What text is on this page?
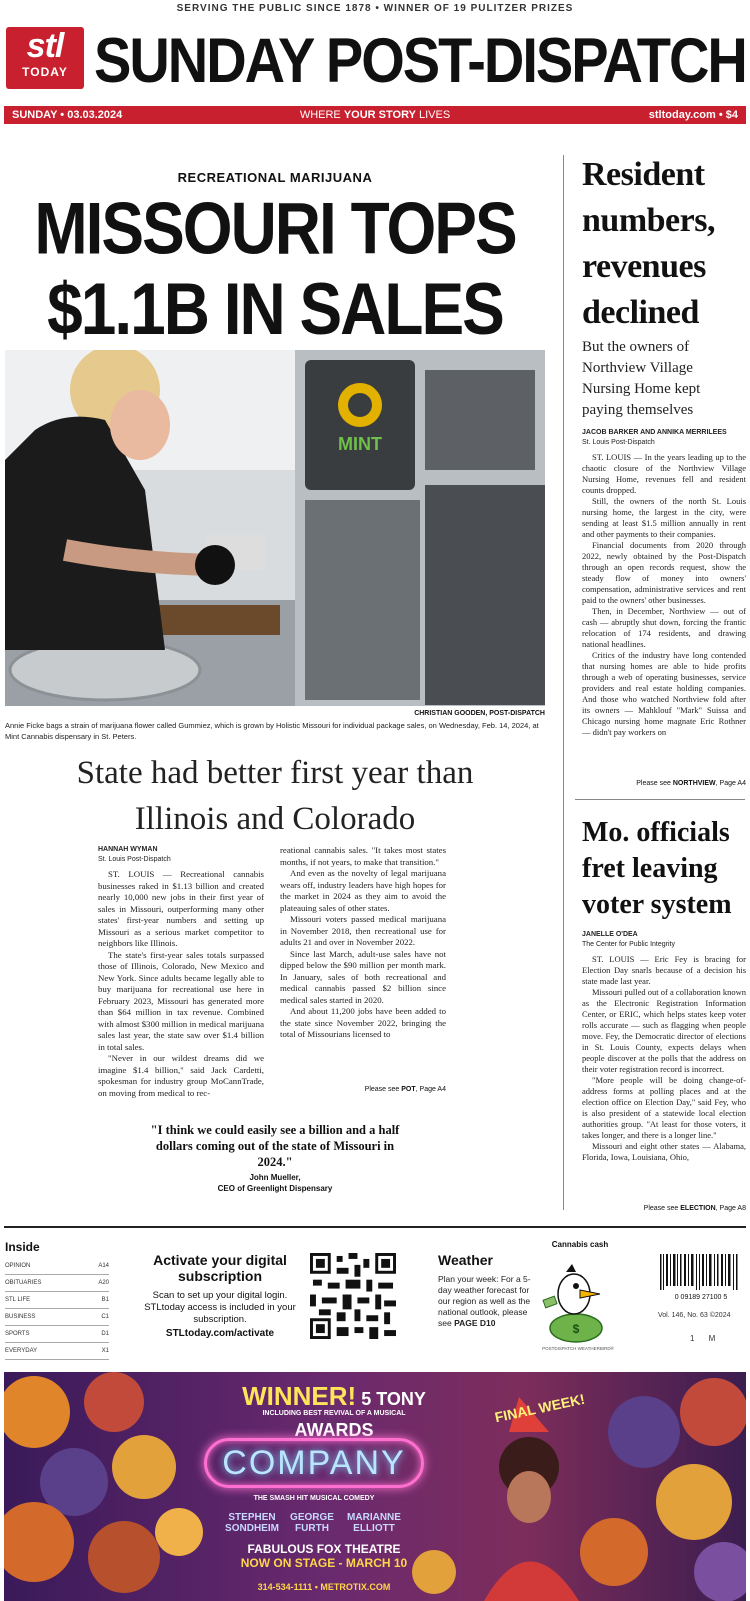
SERVING THE PUBLIC SINCE 1878 • WINNER OF 19 PULITZER PRIZES
stl
TODAY SUNDAY POST-DISPATCH
SUNDAY • 03.03.2024	WHERE YOUR STORY LIVES	stltoday.com • $4
RECREATIONAL MARIJUANA
MISSOURI TOPS
$1.1B IN SALES
MINT
CHRISTIAN GOODEN, POST-DISPATCH
Annie Ficke bags a strain of marijuana flower called Gummiez, which is grown by Holistic Missouri for individual package sales, on Wednesday, Feb. 14, 2024, at Mint Cannabis dispensary in St. Peters.
State had better first year than Illinois and Colorado
HANNAH WYMAN
St. Louis Post-Dispatch

ST. LOUIS — Recreational cannabis businesses raked in $1.13 billion and created nearly 10,000 new jobs in their first year of sales in Missouri, outperforming many other states' first-year numbers and setting up Missouri as a serious market competitor to neighbors like Illinois.

The state's first-year sales totals surpassed those of Illinois, Colorado, New Mexico and New York. Since adults became legally able to buy marijuana for recreational use here in February 2023, Missouri has generated more than $64 million in tax revenue. Combined with almost $300 million in medical marijuana sales last year, the state saw over $1.4 billion in total sales.

"Never in our wildest dreams did we imagine $1.4 billion," said Jack Cardetti, spokesman for industry group MoCannTrade, on moving from medical to rec-

reational cannabis sales. "It takes most states months, if not years, to make that transition."

And even as the novelty of legal marijuana wears off, industry leaders have high hopes for the market in 2024 as they aim to avoid the plateauing sales of other states.

Missouri voters passed medical marijuana in November 2018, then recreational use for adults 21 and over in November 2022.

Since last March, adult-use sales have not dipped below the $90 million per month mark. In January, sales of both recreational and medical cannabis passed $2 billion since medical sales started in 2020.

And about 11,200 jobs have been added to the state since November 2022, bringing the total of Missourians licensed to

Please see POT, Page A4
"I think we could easily see a billion and a half dollars coming out of the state of Missouri in 2024."
John Mueller,
CEO of Greenlight Dispensary
Resident numbers, revenues declined
But the owners of Northview Village Nursing Home kept paying themselves
JACOB BARKER AND ANNIKA MERRILEES
St. Louis Post-Dispatch

ST. LOUIS — In the years leading up to the chaotic closure of the Northview Village Nursing Home, revenues fell and resident counts dropped.

Still, the owners of the north St. Louis nursing home, the largest in the city, were sending at least $1.5 million annually in rent and other payments to their companies.

Financial documents from 2020 through 2022, newly obtained by the Post-Dispatch through an open records request, show the steady flow of money into owners' compensation, administrative services and rent paid to the owners' other businesses.

Then, in December, Northview — out of cash — abruptly shut down, forcing the frantic relocation of 174 residents, and drawing national headlines.

Critics of the industry have long contended that nursing homes are able to hide profits through a web of operating businesses, service providers and real estate holding companies. And those who watched Northview fold after its owners — Mahklouf "Mark" Suissa and Chicago nursing home magnate Eric Rothner — didn't pay workers on

Please see NORTHVIEW, Page A4
Mo. officials fret leaving voter system
JANELLE O'DEA
The Center for Public Integrity

ST. LOUIS — Eric Fey is bracing for Election Day snarls because of a decision his state made last year.

Missouri pulled out of a collaboration known as the Electronic Registration Information Center, or ERIC, which helps states keep voter rolls accurate — such as flagging when people move. Fey, the Democratic director of elections in St. Louis County, expects delays when people discover at the polls that the address on their voter registration record is incorrect.

"More people will be doing change-of-address forms at polling places and at the election office on Election Day," said Fey, who is also president of a statewide local election authorities group. "At least for those voters, it takes longer, and there is a longer line."

Missouri and eight other states — Alabama, Florida, Iowa, Louisiana, Ohio,

Please see ELECTION, Page A8
Inside
OPINION	A14
OBITUARIES	A20
STL LIFE	B1
BUSINESS	C1
SPORTS	D1
EVERYDAY	X1
Activate your digital subscription

Scan to set up your digital login. STLtoday access is included in your subscription.

STLtoday.com/activate

Weather

Plan your week: For a 5-day weather forecast for our region as well as the national outlook, please see PAGE D10

Cannabis cash
$
POSTDISPATCH WEATHERBIRD®
0 09189 27100 5
Vol. 146, No. 63 ©2024
1 M
WINNER! 5 TONY AWARDS
INCLUDING BEST REVIVAL OF A MUSICAL	FINAL WEEK!
COMPANY
THE SMASH HIT MUSICAL COMEDY
STEPHEN SONDHEIM
GEORGE FURTH
MARIANNE ELLIOTT
FABULOUS FOX THEATRE
NOW ON STAGE - MARCH 10
314-534-1111 • METROTIX.COM
